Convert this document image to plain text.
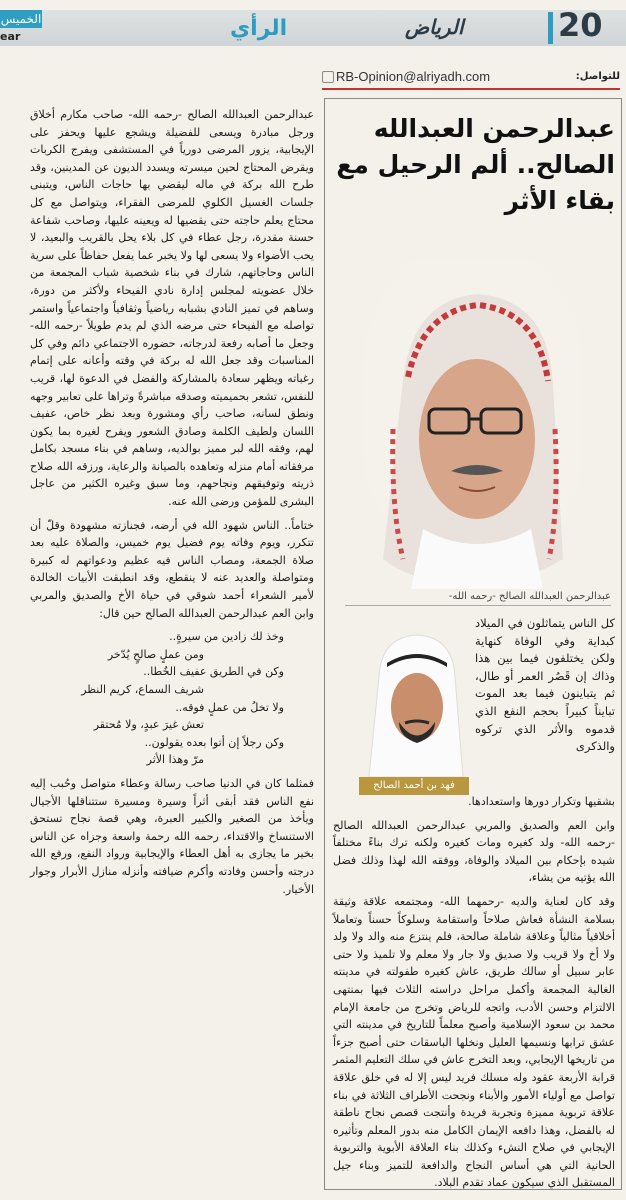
الخميس
ear	الرأي	الرياض	20
RB-Opinion@alriyadh.com	للتواصل:

عبدالرحمن العبدالله الصالح -رحمه الله- صاحب مكارم أخلاق ورجل مبادرة ويسعى للفضيلة ويشجع عليها ويحفز على الإيجابية، يزور المرضى دورياً في المستشفى ويفرج الكربات ويقرض المحتاج لحين ميسرته ويسدد الديون عن المدينين، وقد طرح الله بركة في ماله ليقضي بها حاجات الناس، ويتبنى جلسات الغسيل الكلوي للمرضى الفقراء، ويتواصل مع كل محتاج يعلم حاجته حتى يقضيها له ويعينه عليها، وصاحب شفاعة حسنة مقدرة، رجل عطاء في كل بلاء يحل بالقريب والبعيد، لا يحب الأضواء ولا يسعى لها ولا يخبر عما يفعل حفاظاً على سرية الناس وحاجاتهم، شارك في بناء شخصية شباب المجمعة من خلال عضويته لمجلس إدارة نادي الفيحاء ولأكثر من دورة، وساهم في تميز النادي بشبابه رياضياً وثقافياً واجتماعياً واستمر تواصله مع الفيحاء حتى مرضه الذي لم يدم طويلاً -رحمه الله- وجعل ما أصابه رفعة لدرجاته، حضوره الاجتماعي دائم وفي كل المناسبات وقد جعل الله له بركة في وقته وأعانه على إتمام رغباته ويظهر سعادة بالمشاركة والفضل في الدعوة لها، قريب للنفس، تشعر بحميميته وصدقه مباشرةً وتراها على تعابير وجهه ونطق لسانه، صاحب رأي ومشورة وبعد نظر خاص، عفيف اللسان ولطيف الكلمة وصادق الشعور ويفرح لغيره بما يكون لهم، وفقه الله لبر مميز بوالديه، وساهم في بناء مسجد بكامل مرفقاته أمام منزله وتعاهده بالصيانة والرعاية، ورزقه الله صلاح ذريته وتوفيقهم ونجاحهم، وما سبق وغيره الكثير من عاجل البشرى للمؤمن ورضى الله عنه.

ختاماً.. الناس شهود الله في أرضه، فجنازته مشهودة وقلّ أن تتكرر، ويوم وفاته يوم فضيل يوم خميس، والصلاة عليه بعد صلاة الجمعة، ومصاب الناس فيه عظيم ودعواتهم له كبيرة ومتواصلة والعديد عنه لا ينقطع، وقد انطبقت الأبيات الخالدة لأمير الشعراء أحمد شوقي في حياة الأخ والصديق والمربي وابن العم عبدالرحمن العبدالله الصالح حين قال:

وخذ لك زادين من سيرةٍ..
ومن عملٍ صالحٍ يُدّخر
وكن في الطريق عفيف الخُطا..
شريف السماع، كريم النظر
ولا تخلُ من عملٍ فوقه..
تعش غيرَ عبدٍ، ولا مُحتقر
وكن رجلاً إن أتوا بعده يقولون..
مرّ وهذا الأثر

فمثلما كان في الدنيا صاحب رسالة وعطاء متواصل وحُبب إليه نفع الناس فقد أبقى أثراً وسيرة ومسيرة ستتناقلها الأجيال ويأخذ من الصغير والكبير العبرة، وهي قصة نجاح تستحق الاستنساخ والاقتداء، رحمه الله رحمة واسعة وجزاه عن الناس بخير ما يجازى به أهل العطاء والإيجابية ورواد النفع، ورفع الله درجته وأحسن وفادته وأكرم ضيافته وأنزله منازل الأبرار وجوار الأخيار.

عبدالرحمن العبدالله الصالح.. ألم الرحيل مع بقاء الأثر
عبدالرحمن العبدالله الصالح -رحمه الله-
فهد بن أحمد الصالح

كل الناس يتماثلون في الميلاد كبداية وفي الوفاة كنهاية ولكن يختلفون فيما بين هذا وذاك إن قَصُر العمر أو طال، ثم يتباينون فيما بعد الموت تبايناً كبيراً بحجم النفع الذي قدموه والأثر الذي تركوه والذكرى

بشقيها وتكرار دورها واستعدادها.

وابن العم والصديق والمربي عبدالرحمن العبدالله الصالح -رحمه الله- ولد كغيره ومات كغيره ولكنه ترك بناءً مختلفاً شيده بإحكام بين الميلاد والوفاة، ووفقه الله لهذا وذلك فضل الله يؤتيه من يشاء،

وقد كان لعناية والديه -رحمهما الله- ومجتمعه علاقة وثيقة بسلامة النشأة فعاش صلاحاً واستقامة وسلوكاً حسناً وتعاملاً أخلاقياً مثالياً وعلاقة شاملة صالحة، فلم ينتزع منه والد ولا ولد ولا أخ ولا قريب ولا صديق ولا جار ولا معلم ولا تلميذ ولا حتى عابر سبيل أو سالك طريق، عاش كغيره طفولته في مدينته الغالية المجمعة وأكمل مراحل دراسته الثلاث فيها بمنتهى الالتزام وحسن الأدب، واتجه للرياض وتخرج من جامعة الإمام محمد بن سعود الإسلامية وأصبح معلماً للتاريخ في مدينته التي عشق ترابها ونسيمها العليل ونخلها الباسقات حتى أصبح جزءاً من تاريخها الإيجابي، وبعد التخرج عاش في سلك التعليم المثمر قرابة الأربعة عقود وله مسلك فريد ليس إلا له في خلق علاقة تواصل مع أولياء الأمور والأبناء ونجحت الأطراف الثلاثة في بناء علاقة تربوية مميزة وتجربة فريدة وأنتجت قصص نجاح ناطقة له بالفضل، وهذا دافعه الإيمان الكامل منه بدور المعلم وتأثيره الإيجابي في صلاح النشء وكذلك بناء العلاقة الأبوية والتربوية الحانية التي هي أساس النجاح والدافعة للتميز وبناء جيل المستقبل الذي سيكون عماد تقدم البلاد.
